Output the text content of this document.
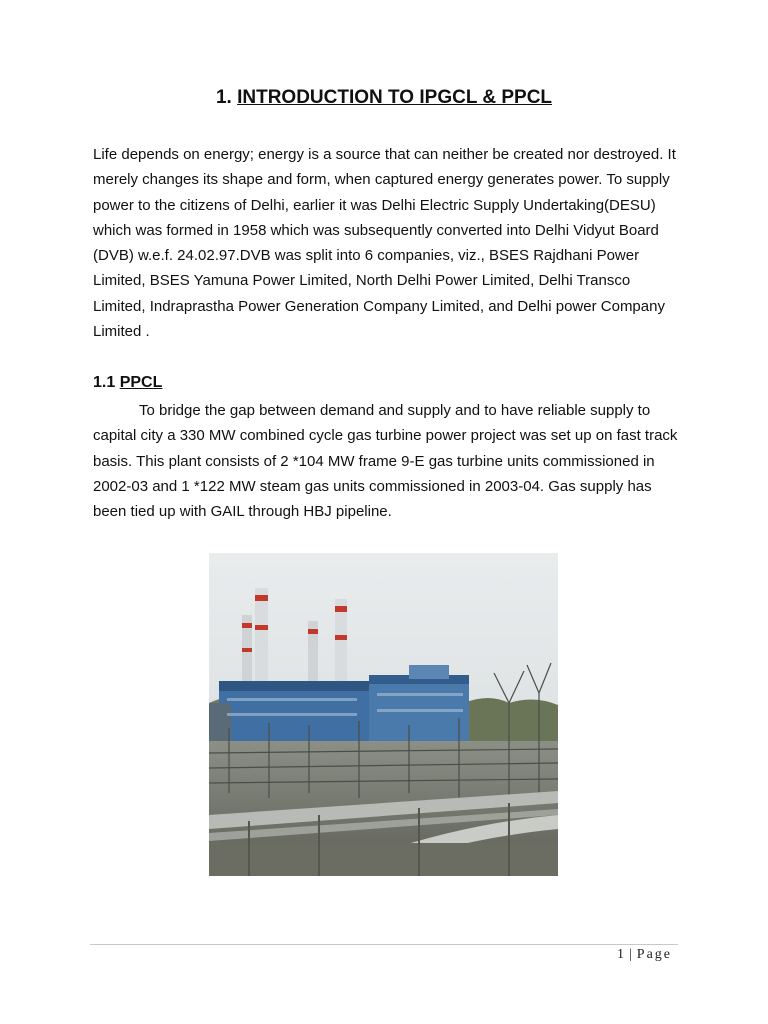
1. INTRODUCTION TO IPGCL & PPCL

Life depends on energy; energy is a source that can neither be created nor destroyed. It merely changes its shape and form, when captured energy generates power. To supply power to the citizens of Delhi, earlier it was Delhi Electric Supply Undertaking(DESU) which was formed in 1958 which was subsequently converted into Delhi Vidyut Board (DVB) w.e.f. 24.02.97.DVB was split into 6 companies, viz., BSES Rajdhani Power Limited, BSES Yamuna Power Limited, North Delhi Power Limited, Delhi Transco Limited, Indraprastha Power Generation Company Limited, and Delhi power Company Limited .

1.1 PPCL

To bridge the gap between demand and supply and to have reliable supply to capital city a 330 MW combined cycle gas turbine power project was set up on fast track basis. This plant consists of 2 *104 MW frame 9-E gas turbine units commissioned in 2002-03 and 1 *122 MW steam gas units commissioned in 2003-04. Gas supply has been tied up with GAIL through HBJ pipeline.

1 | Page
